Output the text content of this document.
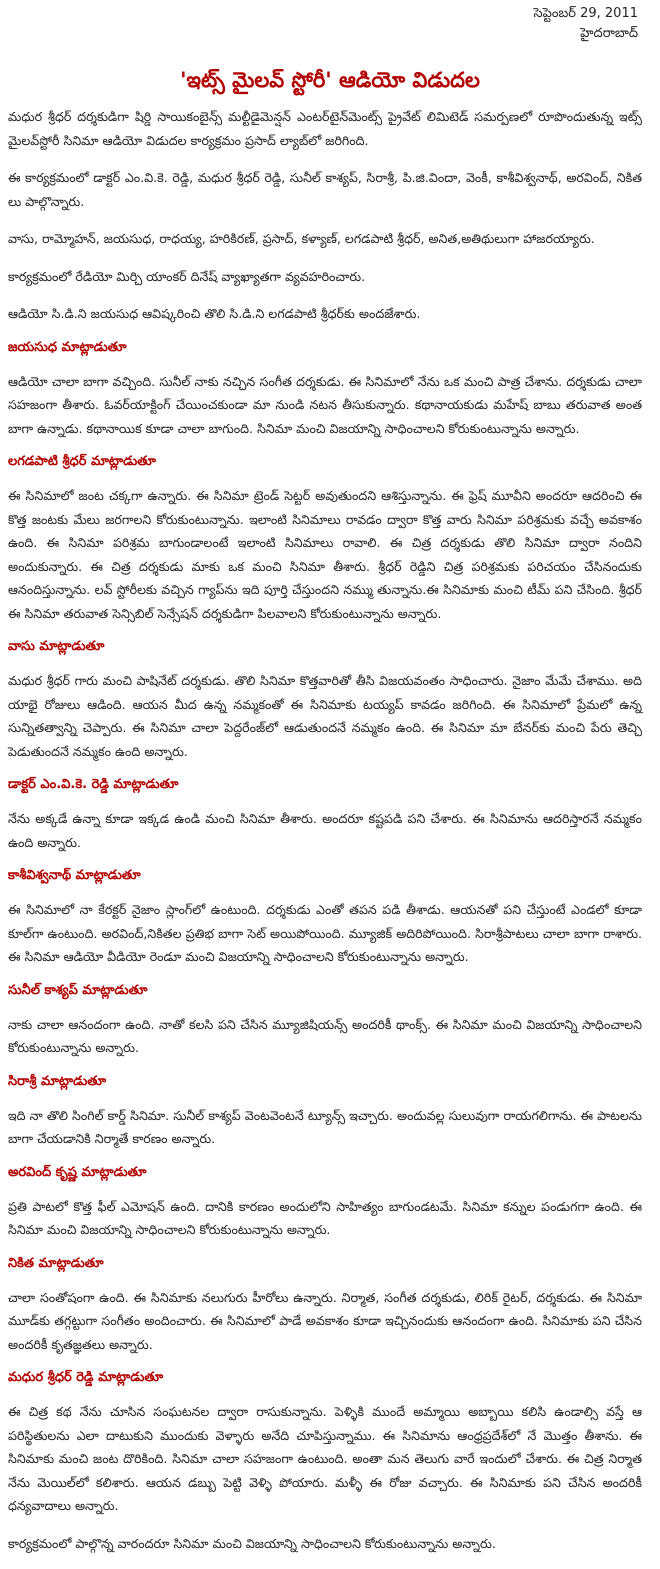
సెప్టెంబర్ 29, 2011
హైదరాబాద్
'ఇట్స్ మైలవ్ స్టోరీ' ఆడియో విడుదల

మధుర శ్రీధర్ దర్శకుడిగా షిర్డి సాయికంబైన్స్ మల్టీడైమెన్షన్ ఎంటర్‌టైన్‌మెంట్స్ ప్రైవేట్ లిమిటెడ్ సమర్పణలో రూపొందుతున్న ఇట్స్ మైలవ్‌స్టోరీ సినిమా ఆడియో విడుదల కార్యక్రమం ప్రసాద్ ల్యాబ్‌లో జరిగింది.

ఈ కార్యక్రమంలో డాక్టర్ ఎం.వి.కె. రెడ్డి, మధుర శ్రీధర్ రెడ్డి, సునీల్ కాశ్యప్, సిరాశ్రీ, పి.జి.విందా, వెంకీ, కాశీవిశ్వనాథ్, అరవింద్, నికిత లు పాల్గొన్నారు.

వాసు, రామ్మోహన్, జయసుధ, రాధయ్య, హరికిరణ్, ప్రసాద్, కళ్యాణ్, లగడపాటి శ్రీధర్, అనిత,అతిథులుగా హాజరయ్యారు.

కార్యక్రమంలో రేడియో మిర్చి యాంకర్ దినేష్ వ్యాఖ్యాతగా వ్యవహరించారు.

ఆడియో సి.డి.ని జయసుధ ఆవిష్కరించి తొలి సి.డి.ని లగడపాటి శ్రీధర్‌కు అందజేశారు.

జయసుధ మాట్లాడుతూ

ఆడియో చాలా బాగా వచ్చింది. సునీల్ నాకు నచ్చిన సంగీత దర్శకుడు. ఈ సినిమాలో నేను ఒక మంచి పాత్ర చేశాను. దర్శకుడు చాలా సహజంగా తీశారు. ఓవర్‌యాక్టింగ్ చేయించకుండా మా నుండి నటన తీసుకున్నారు. కథానాయకుడు మహేష్ బాబు తరువాత అంత బాగా ఉన్నాడు. కథానాయిక కూడా చాలా బాగుంది. సినిమా మంచి విజయాన్ని సాధించాలని కోరుకుంటున్నాను అన్నారు.

లగడపాటి శ్రీధర్ మాట్లాడుతూ

ఈ సినిమాలో జంట చక్కగా ఉన్నారు. ఈ సినిమా ట్రెండ్ సెట్టర్ అవుతుందని ఆశిస్తున్నాను. ఈ ఫ్రెష్ మూవీని అందరూ ఆదరించి ఈ కొత్త జంటకు మేలు జరగాలని కోరుకుంటున్నాను. ఇలాంటి సినిమాలు రావడం ద్వారా కొత్త వారు సినిమా పరిశ్రమకు వచ్చే అవకాశం ఉంది. ఈ సినిమా పరిశ్రమ బాగుండాలంటే ఇలాంటి సినిమాలు రావాలి. ఈ చిత్ర దర్శకుడు తొలి సినిమా ద్వారా నందిని అందుకున్నారు. ఈ చిత్ర దర్శకుడు మాకు ఒక మంచి సినిమా తీశారు. శ్రీధర్ రెడ్డిని చిత్ర పరిశ్రమకు పరిచయం చేసినందుకు ఆనందిస్తున్నాను. లవ్ స్టోరీలకు వచ్చిన గ్యాప్‌ను ఇది పూర్తి చేస్తుందని నమ్ము తున్నాను.ఈ సినిమాకు మంచి టీమ్ పని చేసింది. శ్రీధర్ ఈ సినిమా తరువాత సెన్సిబిల్ సెన్సేషన్ దర్శకుడిగా పిలవాలని కోరుకుంటున్నాను అన్నారు.

వాసు మాట్లాడుతూ

మధుర శ్రీధర్ గారు మంచి పాషినేట్ దర్శకుడు. తొలి సినిమా కొత్తవారితో తీసి విజయవంతం సాధించారు. నైజాం మేమే చేశాము. అది యాభై రోజులు ఆడింది. ఆయన మీద ఉన్న నమ్మకంతో ఈ సినిమాకు టయ్యప్ కావడం జరిగింది. ఈ సినిమాలో ప్రేమలో ఉన్న సున్నితత్వాన్ని చెప్పారు. ఈ సినిమా చాలా పెద్దరేంజ్‌లో ఆడుతుందనే నమ్మకం ఉంది. ఈ సినిమా మా బేనర్‌కు మంచి పేరు తెచ్చి పెడుతుందనే నమ్మకం ఉంది అన్నారు.

డాక్టర్ ఎం.వి.కె. రెడ్డి మాట్లాడుతూ

నేను అక్కడే ఉన్నా కూడా ఇక్కడ ఉండి మంచి సినిమా తీశారు. అందరూ కష్టపడి పని చేశారు. ఈ సినిమాను ఆదరిస్తారనే నమ్మకం ఉంది అన్నారు.

కాశీవిశ్వనాథ్ మాట్లాడుతూ

ఈ సినిమాలో నా కేరక్టర్ నైజాం స్లాంగ్‌లో ఉంటుంది. దర్శకుడు ఎంతో తపన పడి తీశాడు. ఆయనతో పని చేస్తుంటే ఎండలో కూడా కూల్‌గా ఉంటుంది. అరవింద్,నికితల ప్రతిభ బాగా సెట్ అయిపోయింది. మ్యూజిక్ అదిరిపోయింది. సిరాశ్రీపాటలు చాలా బాగా రాశారు. ఈ సినిమా ఆడియో వీడియో రెండూ మంచి విజయాన్ని సాధించాలని కోరుకుంటున్నాను అన్నారు.

సునీల్ కాశ్యప్ మాట్లాడుతూ

నాకు చాలా ఆనందంగా ఉంది. నాతో కలసి పని చేసిన మ్యూజిషియన్స్ అందరికీ థాంక్స్. ఈ సినిమా మంచి విజయాన్ని సాధించాలని కోరుకుంటున్నాను అన్నారు.

సిరాశ్రీ మాట్లాడుతూ

ఇది నా తొలి సింగిల్ కార్డ్ సినిమా. సునీల్ కాశ్యప్ వెంటవెంటనే ట్యూన్స్ ఇచ్చారు. అందువల్ల సులువుగా రాయగలిగాను. ఈ పాటలను బాగా చేయడానికి నిర్మాతే కారణం అన్నారు.

అరవింద్ కృష్ణ మాట్లాడుతూ

ప్రతి పాటలో కొత్త ఫీల్ ఎమోషన్ ఉంది. దానికి కారణం అందులోని సాహిత్యం బాగుండటమే. సినిమా కన్నుల పండుగగా ఉంది. ఈ సినిమా మంచి విజయాన్ని సాధించాలని కోరుకుంటున్నాను అన్నారు.

నికిత మాట్లాడుతూ

చాలా సంతోషంగా ఉంది. ఈ సినిమాకు నలుగురు హీరోలు ఉన్నారు. నిర్మాత, సంగీత దర్శకుడు, లిరిక్ రైటర్, దర్శకుడు. ఈ సినిమా మూడ్‌కు తగ్గట్టుగా సంగీతం అందించారు. ఈ సినిమాలో పాడే అవకాశం కూడా ఇచ్చినందుకు ఆనందంగా ఉంది. సినిమాకు పని చేసిన అందరికీ కృతజ్ఞతలు అన్నారు.

మధుర శ్రీధర్ రెడ్డి మాట్లాడుతూ

ఈ చిత్ర కథ నేను చూసిన సంఘటనల ద్వారా రాసుకున్నాను. పెళ్ళికి ముందే అమ్మాయి అబ్బాయి కలిసి ఉండాల్సి వస్తే ఆ పరిస్థితులను ఎలా దాటుకుని ముందుకు వెళ్ళారు అనేది చూపిస్తున్నాము. ఈ సినిమాను ఆంధ్రప్రదేశ్‌లో నే మొత్తం తీశాను. ఈ సినిమాకు మంచి జంట దొరికింది. సినిమా చాలా సహజంగా ఉంటుంది. అంతా మన తెలుగు వారే ఇందులో చేశారు. ఈ చిత్ర నిర్మాత నేను మెయిల్‌లో కలిశారు. ఆయన డబ్బు పెట్టి వెళ్ళి పోయారు. మళ్ళీ ఈ రోజు వచ్చారు. ఈ సినిమాకు పని చేసిన అందరికీ ధన్యవాదాలు అన్నారు.

కార్యక్రమంలో పాల్గొన్న వారందరూ సినిమా మంచి విజయాన్ని సాధించాలని కోరుకుంటున్నాను అన్నారు.
